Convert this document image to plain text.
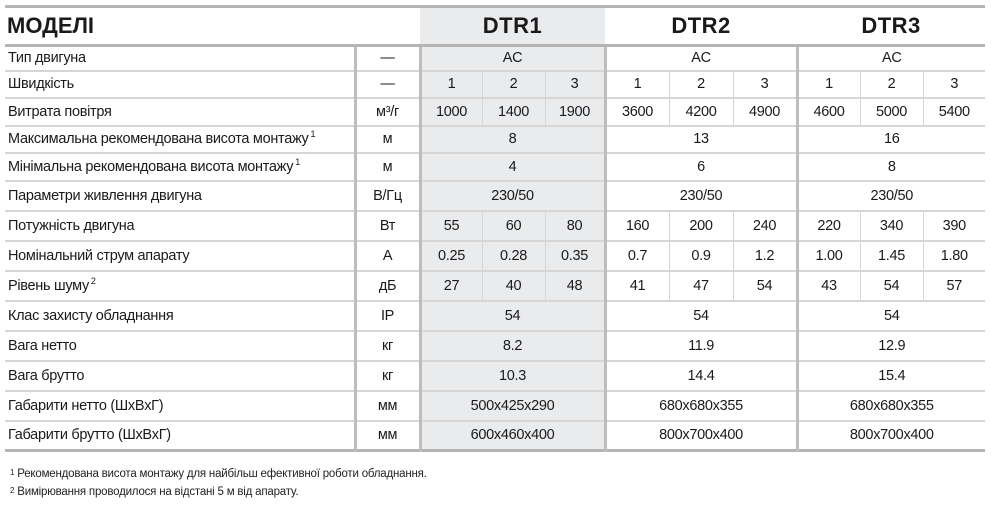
МОДЕЛІ		DTR1			DTR2			DTR3		
Тип двигуна	—	AC			AC			AC		
Швидкість	—	1	2	3	1	2	3	1	2	3
Витрата повітря	м³/г	1000	1400	1900	3600	4200	4900	4600	5000	5400
Максимальна рекомендована висота монтажу $^1$	м	8			13			16		
Мінімальна рекомендована висота монтажу $^1$	м	4			6			8		
Параметри живлення двигуна	В/Гц	230/50			230/50			230/50		
Потужність двигуна	Вт	55	60	80	160	200	240	220	340	390
Номінальний струм апарату	А	0.25	0.28	0.35	0.7	0.9	1.2	1.00	1.45	1.80
Рівень шуму $^2$	дБ	27	40	48	41	47	54	43	54	57
Клас захисту обладнання	IP	54			54			54		
Вага нетто	кг	8.2			11.9			12.9		
Вага брутто	кг	10.3			14.4			15.4		
Габарити нетто (ШxВxГ)	мм	500x425x290			680x680x355			680x680x355		
Габарити брутто (ШxВxГ)	мм	600x460x400			800x700x400			800x700x400		
$^1$ Рекомендована висота монтажу для найбільш ефективної роботи обладнання.
$^2$ Вимірювання проводилося на відстані 5 м від апарату.
